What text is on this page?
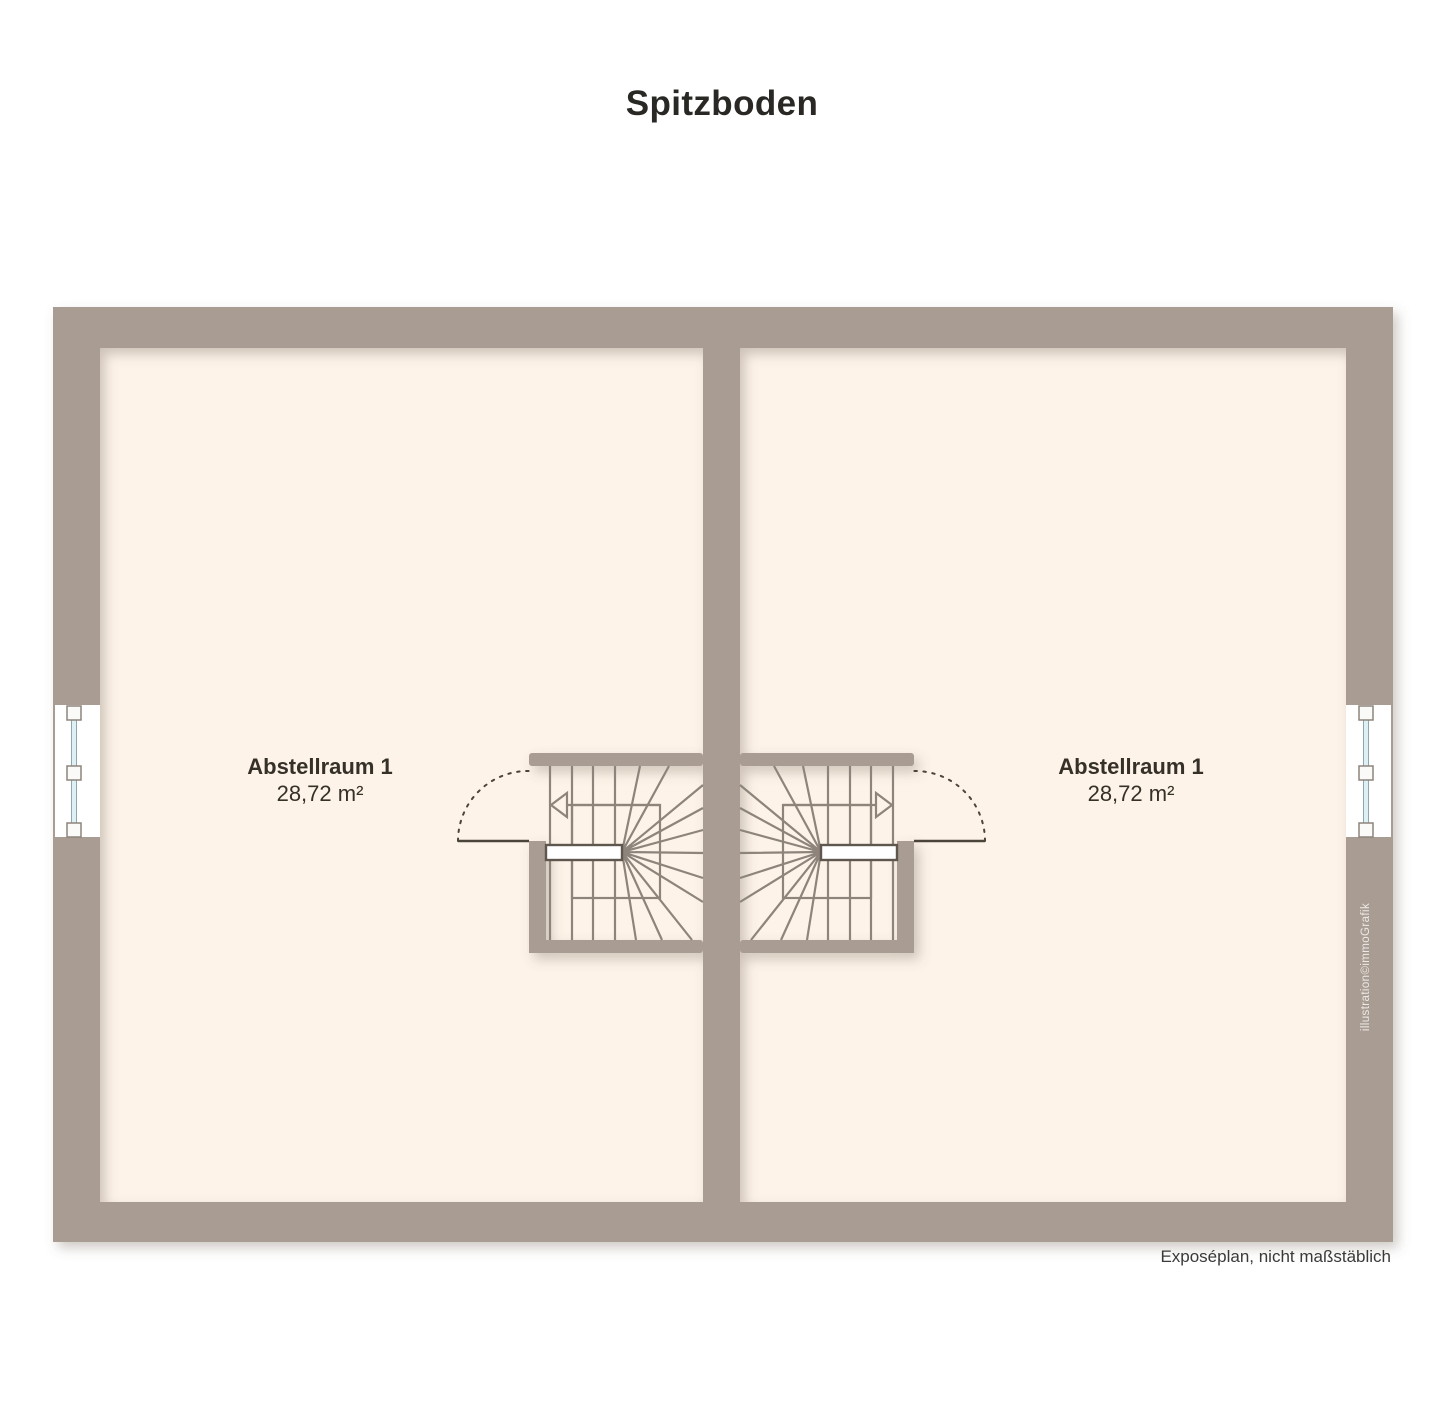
Spitzboden
Abstellraum 1
28,72 m²
Abstellraum 1
28,72 m²
illustration©immoGrafik
Exposéplan, nicht maßstäblich
